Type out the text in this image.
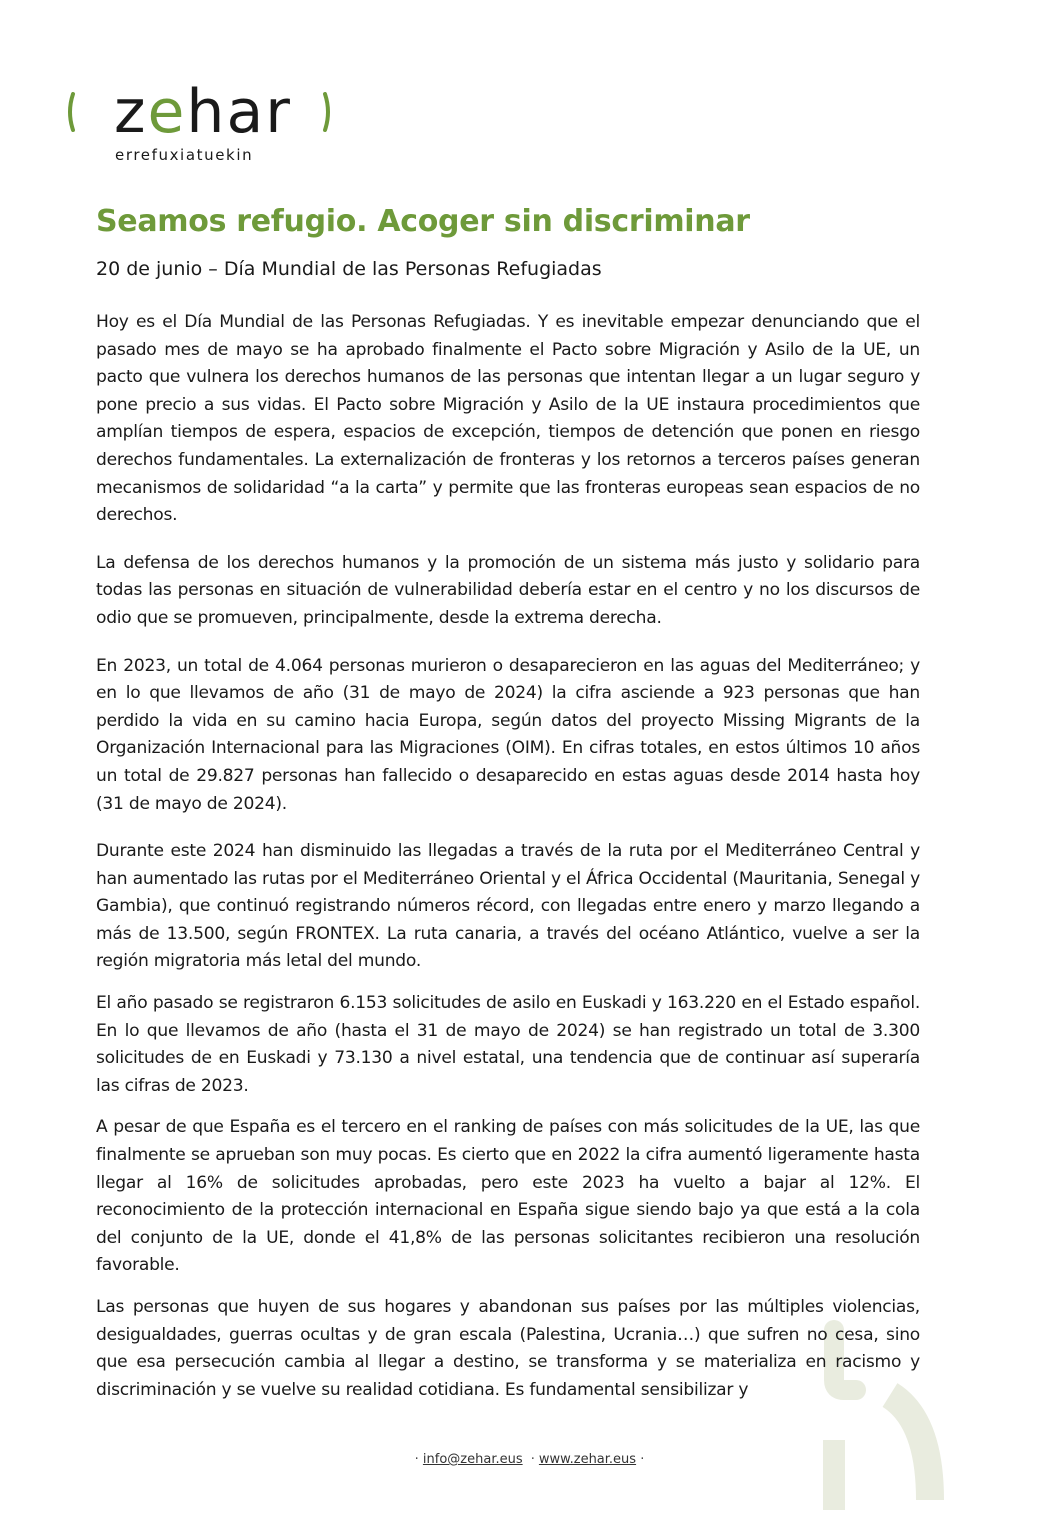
zehar
errefuxiatuekin
Seamos refugio. Acoger sin discriminar
20 de junio – Día Mundial de las Personas Refugiadas

Hoy es el Día Mundial de las Personas Refugiadas. Y es inevitable empezar denunciando que el pasado mes de mayo se ha aprobado finalmente el Pacto sobre Migración y Asilo de la UE, un pacto que vulnera los derechos humanos de las personas que intentan llegar a un lugar seguro y pone precio a sus vidas. El Pacto sobre Migración y Asilo de la UE instaura procedimientos que amplían tiempos de espera, espacios de excepción, tiempos de detención que ponen en riesgo derechos fundamentales. La externalización de fronteras y los retornos a terceros países generan mecanismos de solidaridad “a la carta” y permite que las fronteras europeas sean espacios de no derechos.

La defensa de los derechos humanos y la promoción de un sistema más justo y solidario para todas las personas en situación de vulnerabilidad debería estar en el centro y no los discursos de odio que se promueven, principalmente, desde la extrema derecha.

En 2023, un total de 4.064 personas murieron o desaparecieron en las aguas del Mediterráneo; y en lo que llevamos de año (31 de mayo de 2024) la cifra asciende a 923 personas que han perdido la vida en su camino hacia Europa, según datos del proyecto Missing Migrants de la Organización Internacional para las Migraciones (OIM). En cifras totales, en estos últimos 10 años un total de 29.827 personas han fallecido o desaparecido en estas aguas desde 2014 hasta hoy (31 de mayo de 2024).

Durante este 2024 han disminuido las llegadas a través de la ruta por el Mediterráneo Central y han aumentado las rutas por el Mediterráneo Oriental y el África Occidental (Mauritania, Senegal y Gambia), que continuó registrando números récord, con llegadas entre enero y marzo llegando a más de 13.500, según FRONTEX. La ruta canaria, a través del océano Atlántico, vuelve a ser la región migratoria más letal del mundo.

El año pasado se registraron 6.153 solicitudes de asilo en Euskadi y 163.220 en el Estado español. En lo que llevamos de año (hasta el 31 de mayo de 2024) se han registrado un total de 3.300 solicitudes de en Euskadi y 73.130 a nivel estatal, una tendencia que de continuar así superaría las cifras de 2023.

A pesar de que España es el tercero en el ranking de países con más solicitudes de la UE, las que finalmente se aprueban son muy pocas. Es cierto que en 2022 la cifra aumentó ligeramente hasta llegar al 16% de solicitudes aprobadas, pero este 2023 ha vuelto a bajar al 12%. El reconocimiento de la protección internacional en España sigue siendo bajo ya que está a la cola del conjunto de la UE, donde el 41,8% de las personas solicitantes recibieron una resolución favorable.

Las personas que huyen de sus hogares y abandonan sus países por las múltiples violencias, desigualdades, guerras ocultas y de gran escala (Palestina, Ucrania…) que sufren no cesa, sino que esa persecución cambia al llegar a destino, se transforma y se materializa en racismo y discriminación y se vuelve su realidad cotidiana. Es fundamental sensibilizar y

· info@zehar.eus · www.zehar.eus ·
